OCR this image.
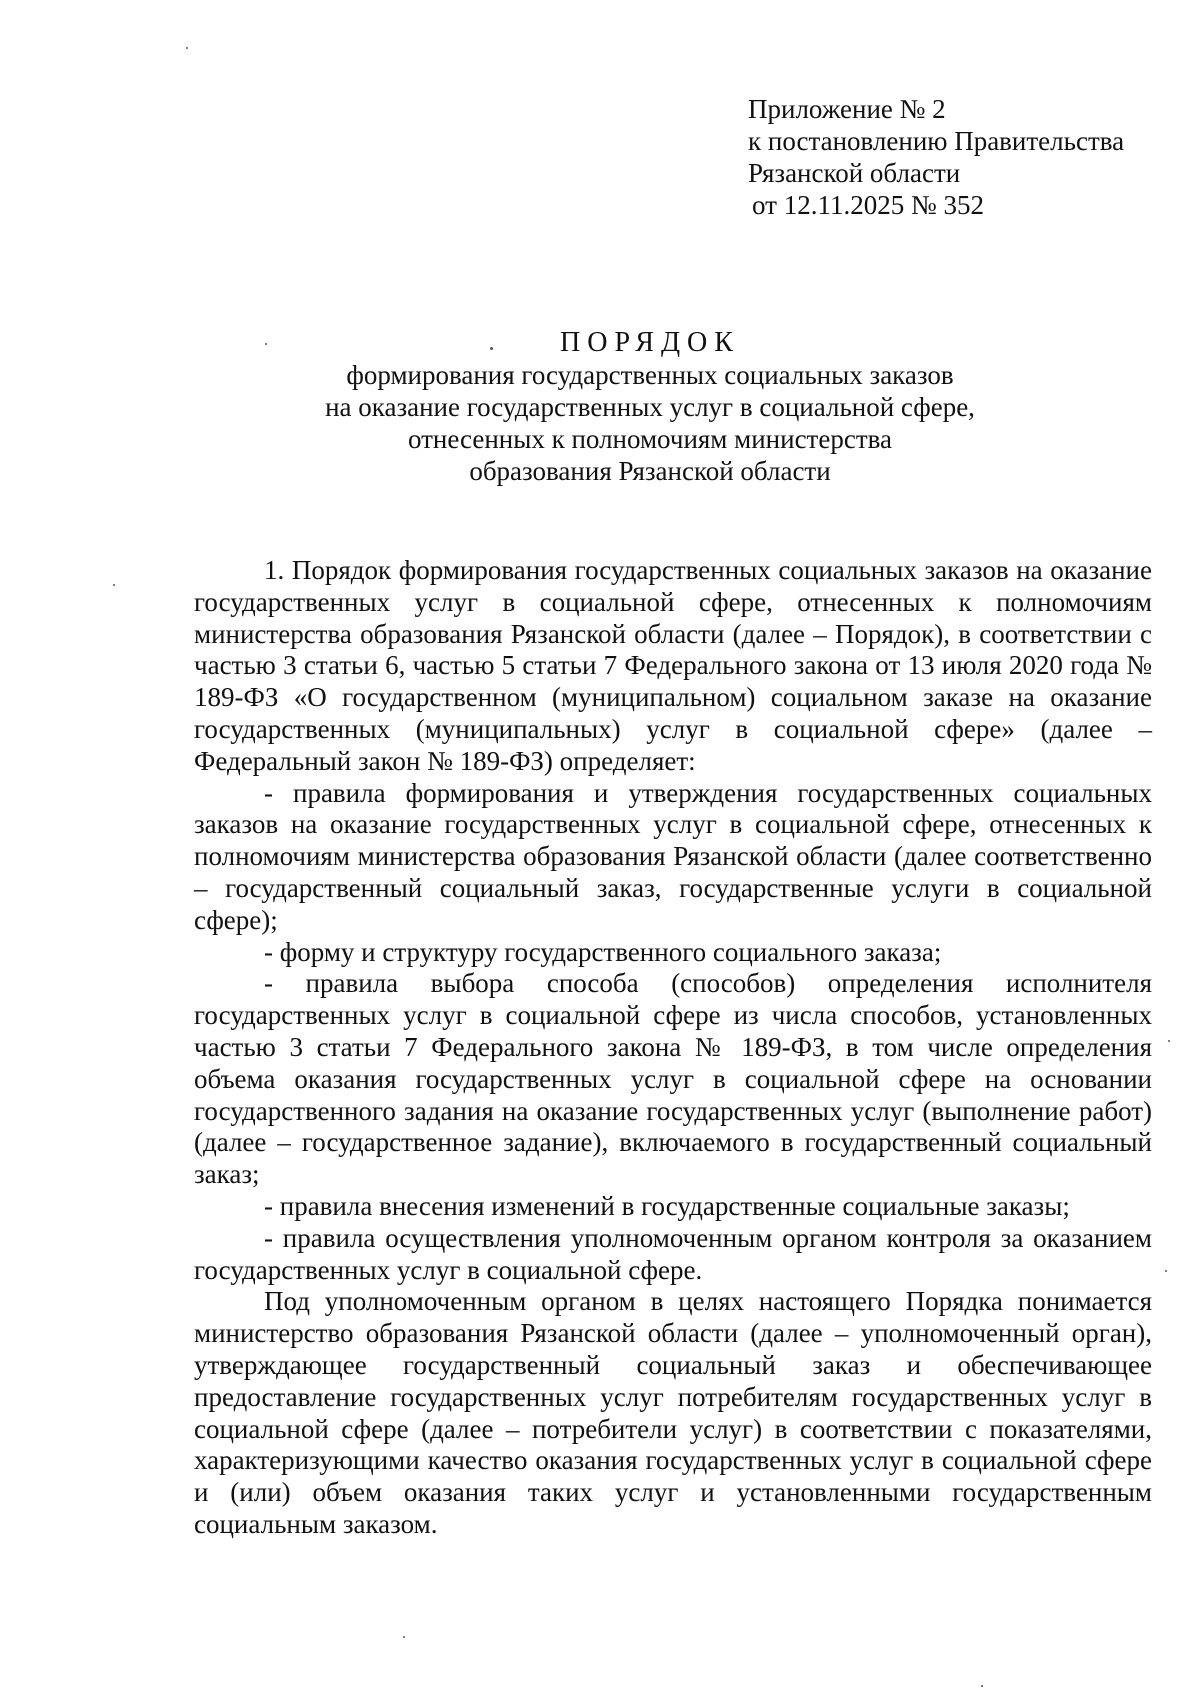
Приложение № 2
к постановлению Правительства
Рязанской области
от 12.11.2025 № 352
ПОРЯДОК
формирования государственных социальных заказов
на оказание государственных услуг в социальной сфере,
отнесенных к полномочиям министерства
образования Рязанской области

1. Порядок формирования государственных социальных заказов на оказание государственных услуг в социальной сфере, отнесенных к полномочиям министерства образования Рязанской области (далее – Порядок), в соответствии с частью 3 статьи 6, частью 5 статьи 7 Федерального закона от 13 июля 2020 года № 189-ФЗ «О государственном (муниципальном) социальном заказе на оказание государственных (муниципальных) услуг в социальной сфере» (далее – Федеральный закон № 189-ФЗ) определяет:

- правила формирования и утверждения государственных социальных заказов на оказание государственных услуг в социальной сфере, отнесенных к полномочиям министерства образования Рязанской области (далее соответственно – государственный социальный заказ, государственные услуги в социальной сфере);

- форму и структуру государственного социального заказа;

- правила выбора способа (способов) определения исполнителя государственных услуг в социальной сфере из числа способов, установленных частью 3 статьи 7 Федерального закона № 189-ФЗ, в том числе определения объема оказания государственных услуг в социальной сфере на основании государственного задания на оказание государственных услуг (выполнение работ) (далее – государственное задание), включаемого в государственный социальный заказ;

- правила внесения изменений в государственные социальные заказы;

- правила осуществления уполномоченным органом контроля за оказанием государственных услуг в социальной сфере.

Под уполномоченным органом в целях настоящего Порядка понимается министерство образования Рязанской области (далее – уполномоченный орган), утверждающее государственный социальный заказ и обеспечивающее предоставление государственных услуг потребителям государственных услуг в социальной сфере (далее – потребители услуг) в соответствии с показателями, характеризующими качество оказания государственных услуг в социальной сфере и (или) объем оказания таких услуг и установленными государственным социальным заказом.
